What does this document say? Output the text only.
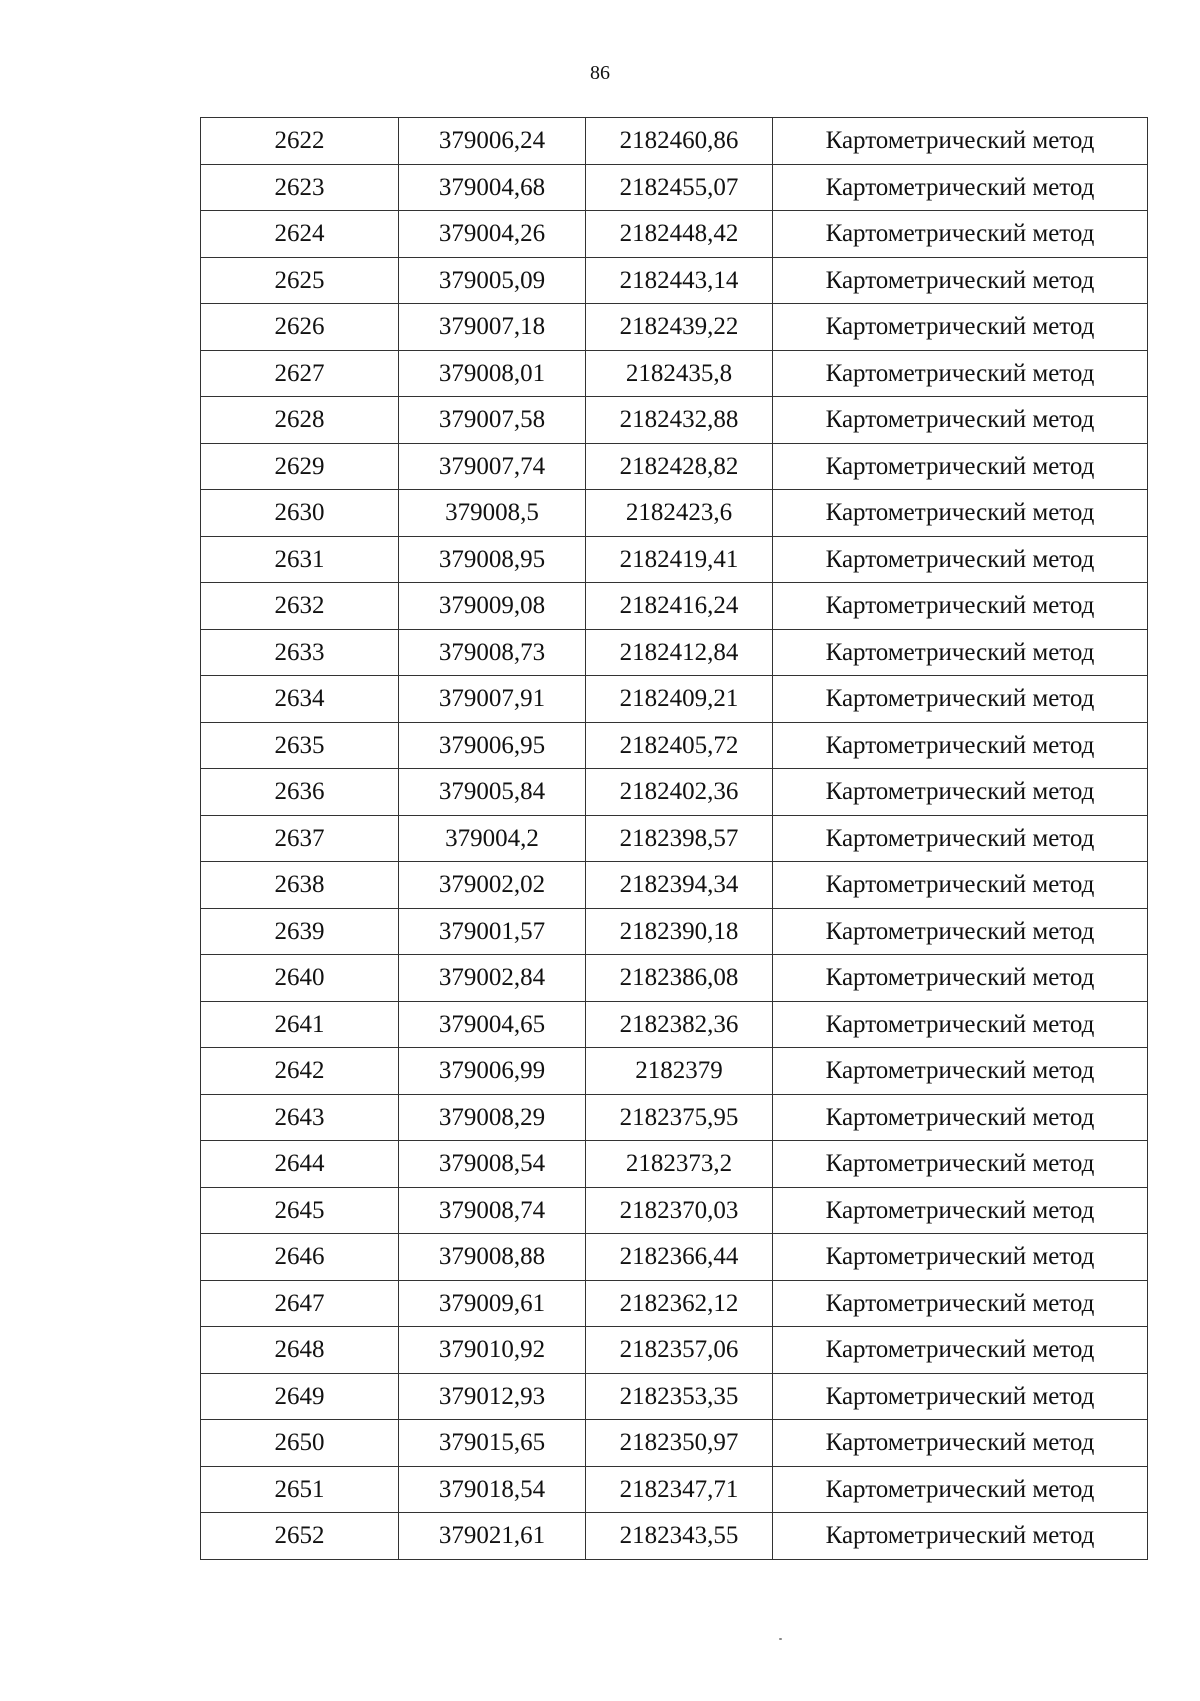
86
2622	379006,24	2182460,86	Картометрический метод
2623	379004,68	2182455,07	Картометрический метод
2624	379004,26	2182448,42	Картометрический метод
2625	379005,09	2182443,14	Картометрический метод
2626	379007,18	2182439,22	Картометрический метод
2627	379008,01	2182435,8	Картометрический метод
2628	379007,58	2182432,88	Картометрический метод
2629	379007,74	2182428,82	Картометрический метод
2630	379008,5	2182423,6	Картометрический метод
2631	379008,95	2182419,41	Картометрический метод
2632	379009,08	2182416,24	Картометрический метод
2633	379008,73	2182412,84	Картометрический метод
2634	379007,91	2182409,21	Картометрический метод
2635	379006,95	2182405,72	Картометрический метод
2636	379005,84	2182402,36	Картометрический метод
2637	379004,2	2182398,57	Картометрический метод
2638	379002,02	2182394,34	Картометрический метод
2639	379001,57	2182390,18	Картометрический метод
2640	379002,84	2182386,08	Картометрический метод
2641	379004,65	2182382,36	Картометрический метод
2642	379006,99	2182379	Картометрический метод
2643	379008,29	2182375,95	Картометрический метод
2644	379008,54	2182373,2	Картометрический метод
2645	379008,74	2182370,03	Картометрический метод
2646	379008,88	2182366,44	Картометрический метод
2647	379009,61	2182362,12	Картометрический метод
2648	379010,92	2182357,06	Картометрический метод
2649	379012,93	2182353,35	Картометрический метод
2650	379015,65	2182350,97	Картометрический метод
2651	379018,54	2182347,71	Картометрический метод
2652	379021,61	2182343,55	Картометрический метод
